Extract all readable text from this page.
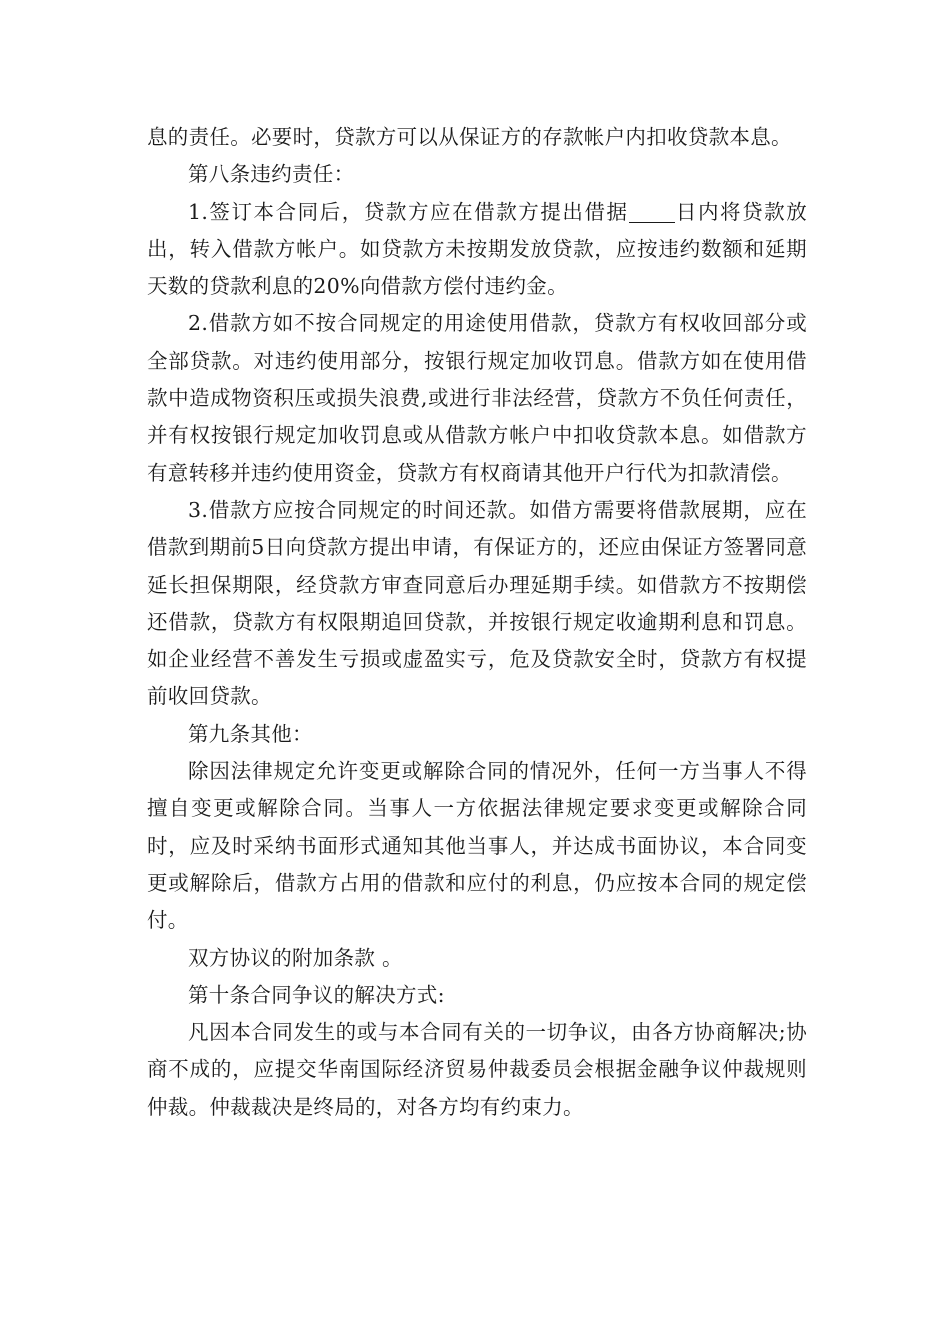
息的责任。必要时，贷款方可以从保证方的存款帐户内扣收贷款本息。

第八条违约责任：

1.签订本合同后，贷款方应在借款方提出借据 日内将贷款放出，转入借款方帐户。如贷款方未按期发放贷款，应按违约数额和延期天数的贷款利息的20%向借款方偿付违约金。

2.借款方如不按合同规定的用途使用借款，贷款方有权收回部分或全部贷款。对违约使用部分，按银行规定加收罚息。借款方如在使用借款中造成物资积压或损失浪费,或进行非法经营，贷款方不负任何责任，并有权按银行规定加收罚息或从借款方帐户中扣收贷款本息。如借款方有意转移并违约使用资金，贷款方有权商请其他开户行代为扣款清偿。

3.借款方应按合同规定的时间还款。如借方需要将借款展期，应在借款到期前5日向贷款方提出申请，有保证方的，还应由保证方签署同意延长担保期限，经贷款方审查同意后办理延期手续。如借款方不按期偿还借款，贷款方有权限期追回贷款，并按银行规定收逾期利息和罚息。如企业经营不善发生亏损或虚盈实亏，危及贷款安全时，贷款方有权提前收回贷款。

第九条其他：

除因法律规定允许变更或解除合同的情况外，任何一方当事人不得擅自变更或解除合同。当事人一方依据法律规定要求变更或解除合同时，应及时采纳书面形式通知其他当事人，并达成书面协议，本合同变更或解除后，借款方占用的借款和应付的利息，仍应按本合同的规定偿付。

双方协议的附加条款 。

第十条合同争议的解决方式:

凡因本合同发生的或与本合同有关的一切争议，由各方协商解决;协商不成的，应提交华南国际经济贸易仲裁委员会根据金融争议仲裁规则仲裁。仲裁裁决是终局的，对各方均有约束力。
